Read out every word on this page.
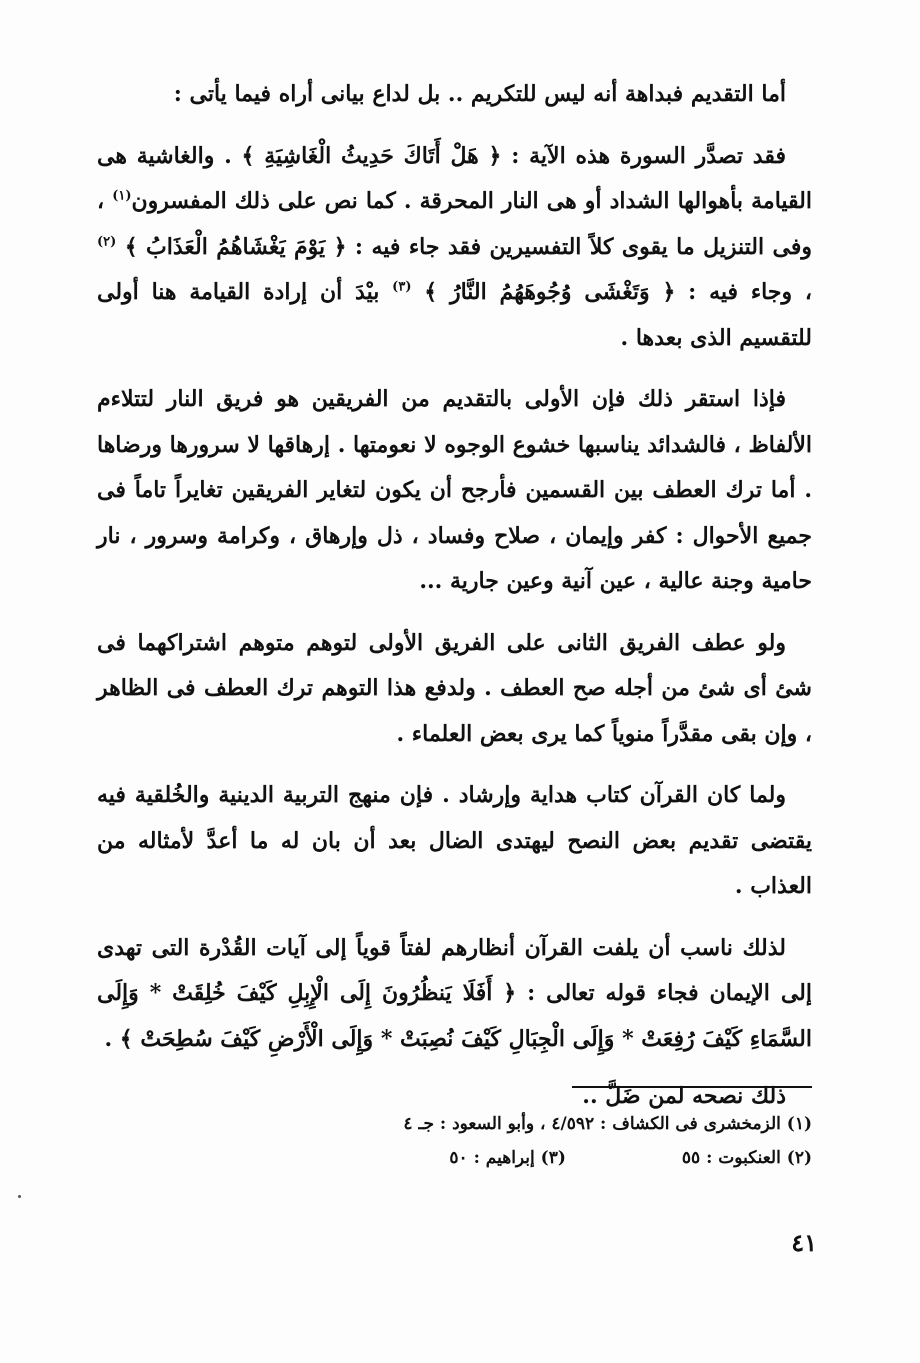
أما التقديم فبداهة أنه ليس للتكريم .. بل لداع بيانى أراه فيما يأتى :

فقد تصدَّر السورة هذه الآية : ﴿ هَلْ أَتَاكَ حَدِيثُ الْغَاشِيَةِ ﴾ . والغاشية هى القيامة بأهوالها الشداد أو هى النار المحرقة . كما نص على ذلك المفسرون$^{(١)}$ ، وفى التنزيل ما يقوى كلاً التفسيرين فقد جاء فيه : ﴿ يَوْمَ يَغْشَاهُمُ الْعَذَابُ ﴾ $^{(٢)}$ ، وجاء فيه : ﴿ وَتَغْشَى وُجُوهَهُمُ النَّارُ ﴾ $^{(٣)}$ بيْدَ أن إرادة القيامة هنا أولى للتقسيم الذى بعدها .

فإذا استقر ذلك فإن الأولى بالتقديم من الفريقين هو فريق النار لتتلاءم الألفاظ ، فالشدائد يناسبها خشوع الوجوه لا نعومتها . إرهاقها لا سرورها ورضاها . أما ترك العطف بين القسمين فأرجح أن يكون لتغاير الفريقين تغايراً تاماً فى جميع الأحوال : كفر وإيمان ، صلاح وفساد ، ذل وإرهاق ، وكرامة وسرور ، نار حامية وجنة عالية ، عين آنية وعين جارية ...

ولو عطف الفريق الثانى على الفريق الأولى لتوهم متوهم اشتراكهما فى شئ أى شئ من أجله صح العطف . ولدفع هذا التوهم ترك العطف فى الظاهر ، وإن بقى مقدَّراً منوياً كما يرى بعض العلماء .

ولما كان القرآن كتاب هداية وإرشاد . فإن منهج التربية الدينية والخُلقية فيه يقتضى تقديم بعض النصح ليهتدى الضال بعد أن بان له ما أعدَّ لأمثاله من العذاب .

لذلك ناسب أن يلفت القرآن أنظارهم لفتاً قوياً إلى آيات القُدْرة التى تهدى إلى الإيمان فجاء قوله تعالى : ﴿ أَفَلَا يَنظُرُونَ إِلَى الْإِبِلِ كَيْفَ خُلِقَتْ * وَإِلَى السَّمَاءِ كَيْفَ رُفِعَتْ * وَإِلَى الْجِبَالِ كَيْفَ نُصِبَتْ * وَإِلَى الْأَرْضِ كَيْفَ سُطِحَتْ ﴾ .

ذلك نصحه لمن ضَلَّ ..

(١) الزمخشرى فى الكشاف : ٤/٥٩٢ ، وأبو السعود : جـ ٤
(٢) العنكبوت : ٥٥(٣) إبراهيم : ٥٠
٤١
